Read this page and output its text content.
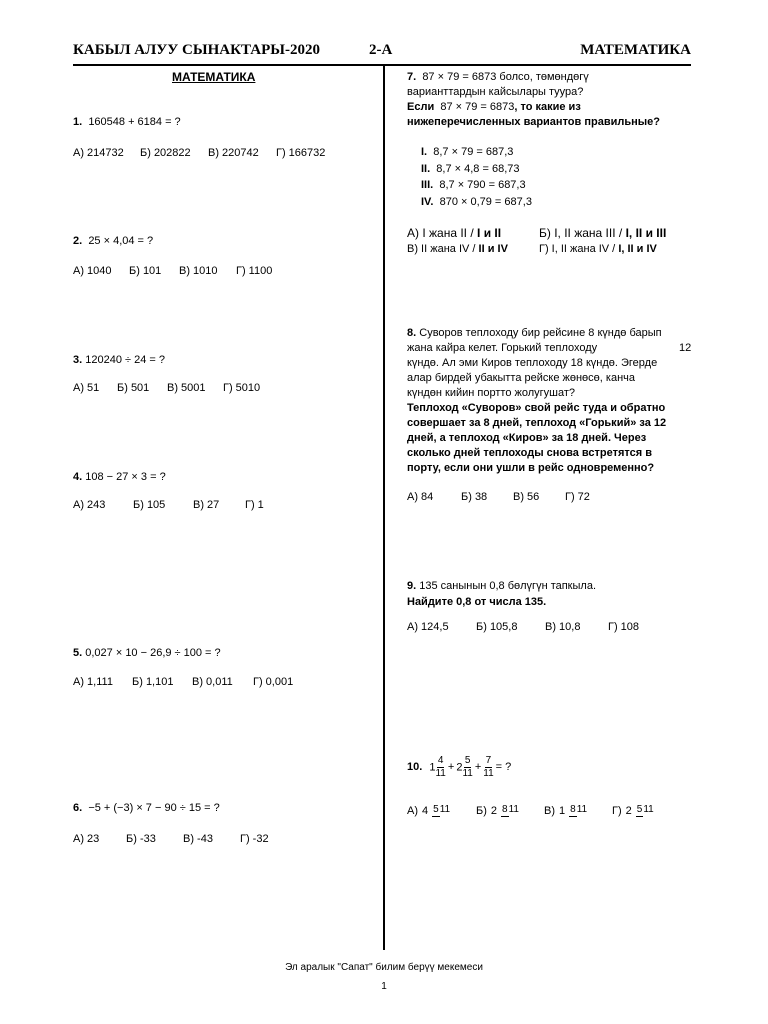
КАБЫЛ АЛУУ СЫНАКТАРЫ-2020	2-А	МАТЕМАТИКА
МАТЕМАТИКА
1. 160548 + 6184 = ?
А) 214732 Б) 202822 В) 220742 Г) 166732
2. 25 × 4,04 = ?
А) 1040 Б) 101 В) 1010 Г) 1100
3. 120240 ÷ 24 = ?
А) 51 Б) 501 В) 5001 Г) 5010
4. 108 − 27 × 3 = ?
А) 243	Б) 105	В) 27 Г) 1
5. 0,027 × 10 − 26,9 ÷ 100 = ?
А) 1,111 Б) 1,101 В) 0,011 Г) 0,001
6. −5 + (−3) × 7 − 90 ÷ 15 = ?
А) 23 Б) -33 В) -43 Г) -32
7. 87 × 79 = 6873 болсо, төмөндөгү варианттардын кайсылары туура?
Если 87 × 79 = 6873, то какие из нижеперечисленных вариантов правильные?
I. 8,7 × 79 = 687,3
II. 8,7 × 4,8 = 68,73
III. 8,7 × 790 = 687,3
IV. 870 × 0,79 = 687,3
А) I жана II / I и II	Б) I, II жана III / I, II и III
В) II жана IV / II и IV	Г) I, II жана IV / I, II и IV
8. Суворов теплоходу бир рейсине 8 күндө барып
жана кайра келет. Горький теплоходу	12
күндө. Ал эми Киров теплоходу 18 күндө. Эгерде алар бирдей убакытта рейске жөнөсө, канча күндөн кийин портто жолугушат?
Теплоход «Суворов» свой рейс туда и обратно совершает за 8 дней, теплоход «Горький» за 12 дней, а теплоход «Киров» за 18 дней. Через сколько дней теплоходы снова встретятся в порту, если они ушли в рейс одновременно?
А) 84	Б) 38 В) 56 Г) 72
9. 135 санынын 0,8 бөлүгүн тапкыла.
Найдите 0,8 от числа 135.
А) 124,5 Б) 105,8	В) 10,8	Г) 108
10.
$1 \frac{4}{11} + 2 \frac{5}{11} + \frac{7}{11}$ = ?
А) 4 511 Б) 2 811 В) 1 811 Г) 2 511
Эл аралык "Сапат" билим берүү мекемеси
1
